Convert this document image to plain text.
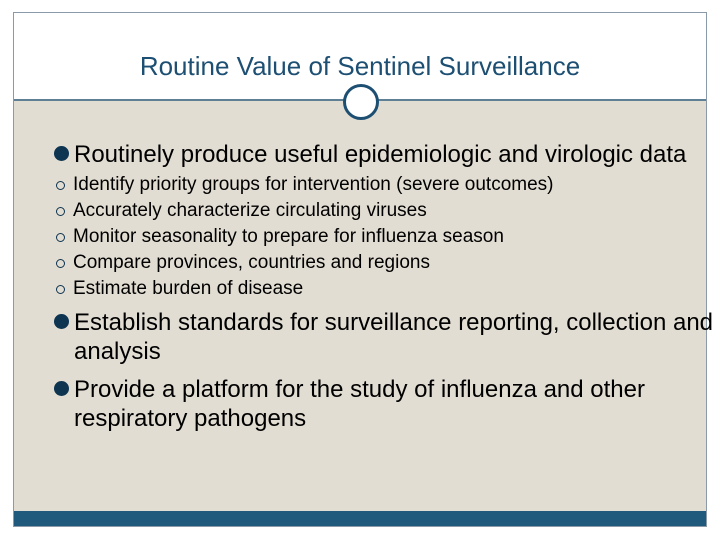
Routine Value of Sentinel Surveillance
Routinely produce useful epidemiologic and virologic data
Identify priority groups for intervention (severe outcomes)
Accurately characterize circulating viruses
Monitor seasonality to prepare for influenza season
Compare provinces, countries and regions
Estimate burden of disease
Establish standards for surveillance reporting, collection and analysis
Provide a platform for the study of influenza and other respiratory pathogens
